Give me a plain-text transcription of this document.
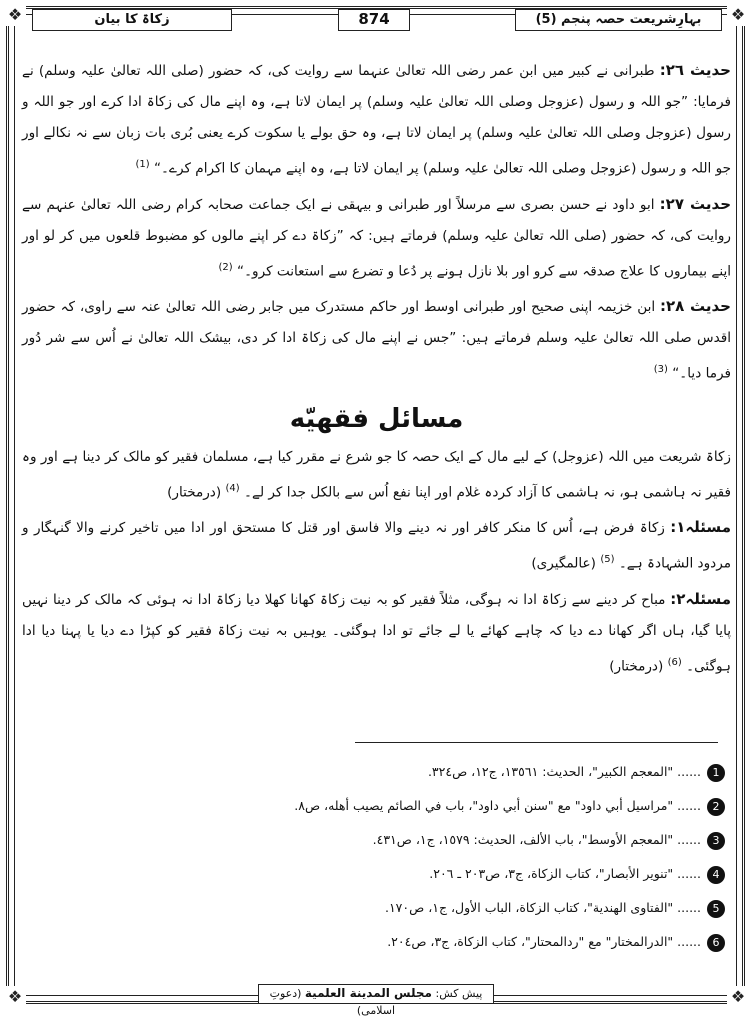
❖	❖
❖	❖
بہارِشریعت حصہ پنجم (5)
874
زکاۃ کا بیان

حدیث ۲٦: طبرانی نے کبیر میں ابن عمر رضی اللہ تعالیٰ عنہما سے روایت کی، کہ حضور (صلی اللہ تعالیٰ علیہ وسلم) نے فرمایا: ”جو اللہ و رسول (عزوجل وصلی اللہ تعالیٰ علیہ وسلم) پر ایمان لاتا ہے، وہ اپنے مال کی زکاۃ ادا کرے اور جو اللہ و رسول (عزوجل وصلی اللہ تعالیٰ علیہ وسلم) پر ایمان لاتا ہے، وہ حق بولے یا سکوت کرے یعنی بُری بات زبان سے نہ نکالے اور جو اللہ و رسول (عزوجل وصلی اللہ تعالیٰ علیہ وسلم) پر ایمان لاتا ہے، وہ اپنے مہمان کا اکرام کرے۔“ $^{(1)}$

حدیث ۲۷: ابو داود نے حسن بصری سے مرسلاً اور طبرانی و بیہقی نے ایک جماعت صحابہ کرام رضی اللہ تعالیٰ عنہم سے روایت کی، کہ حضور (صلی اللہ تعالیٰ علیہ وسلم) فرماتے ہیں: کہ ”زکاۃ دے کر اپنے مالوں کو مضبوط قلعوں میں کر لو اور اپنے بیماروں کا علاج صدقہ سے کرو اور بلا نازل ہونے پر دُعا و تضرع سے استعانت کرو۔“ $^{(2)}$

حدیث ۲۸: ابن خزیمہ اپنی صحیح اور طبرانی اوسط اور حاکم مستدرک میں جابر رضی اللہ تعالیٰ عنہ سے راوی، کہ حضور اقدس صلی اللہ تعالیٰ علیہ وسلم فرماتے ہیں: ”جس نے اپنے مال کی زکاۃ ادا کر دی، بیشک اللہ تعالیٰ نے اُس سے شر دُور فرما دیا۔“ $^{(3)}$

مسائل فقهيّه

زکاۃ شریعت میں اللہ (عزوجل) کے لیے مال کے ایک حصہ کا جو شرع نے مقرر کیا ہے، مسلمان فقیر کو مالک کر دینا ہے اور وہ فقیر نہ ہاشمی ہو، نہ ہاشمی کا آزاد کردہ غلام اور اپنا نفع اُس سے بالکل جدا کر لے۔ $^{(4)}$ (درمختار)

مسئلہ۱: زکاۃ فرض ہے، اُس کا منکر کافر اور نہ دینے والا فاسق اور قتل کا مستحق اور ادا میں تاخیر کرنے والا گنہگار و مردود الشہادۃ ہے۔ $^{(5)}$ (عالمگیری)

مسئلہ۲: مباح کر دینے سے زکاۃ ادا نہ ہوگی، مثلاً فقیر کو بہ نیت زکاۃ کھانا کھلا دیا زکاۃ ادا نہ ہوئی کہ مالک کر دینا نہیں پایا گیا، ہاں اگر کھانا دے دیا کہ چاہے کھائے یا لے جائے تو ادا ہوگئی۔ یوہیں بہ نیت زکاۃ فقیر کو کپڑا دے دیا یا پہنا دیا ادا ہوگئی۔ $^{(6)}$ (درمختار)

1...... "المعجم الكبير"، الحديث: ١٣٥٦١، ج١٢، ص٣٢٤.
2...... "مراسيل أبي داود" مع "سنن أبي داود"، باب في الصائم يصيب أهله، ص٨.
3...... "المعجم الأوسط"، باب الألف، الحديث: ١٥٧٩، ج١، ص٤٣١.
4...... "تنوير الأبصار"، كتاب الزكاة، ج٣، ص٢٠٣ ـ ٢٠٦.
5...... "الفتاوى الهندية"، كتاب الزكاة، الباب الأول، ج١، ص١٧٠.
6...... "الدرالمختار" مع "ردالمحتار"، كتاب الزكاة، ج٣، ص٢٠٤.
پیش کش: مجلس المدينة العلمية (دعوتِ اسلامی)
